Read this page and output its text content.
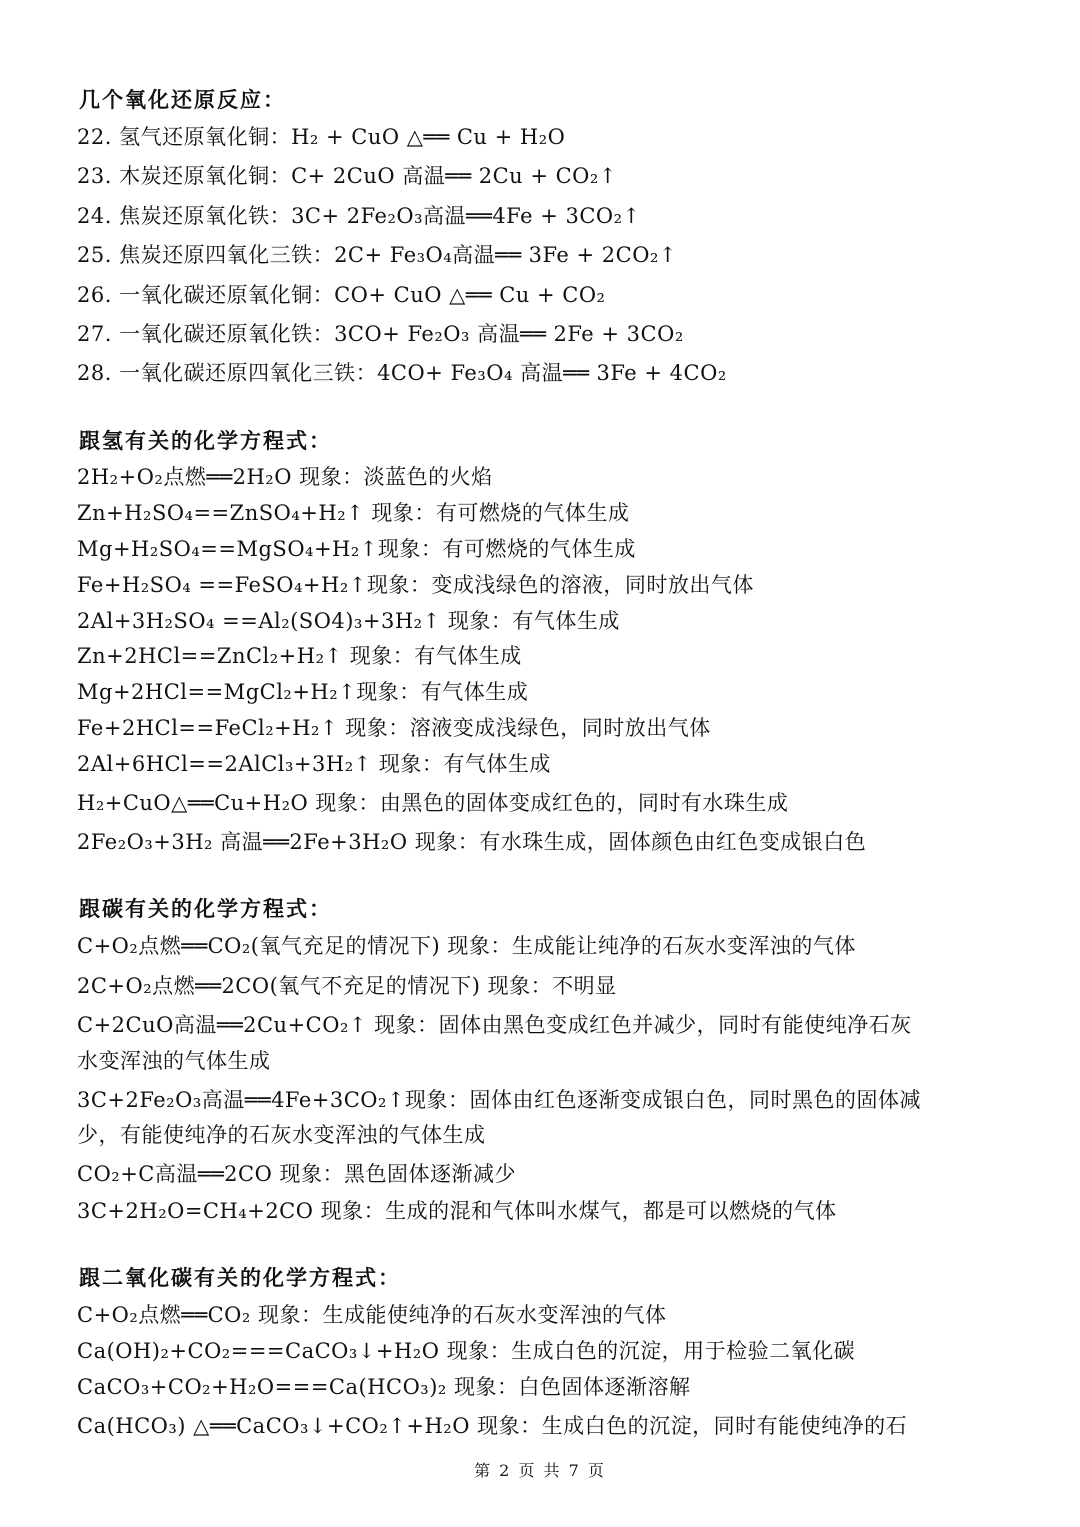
几个氧化还原反应：
22. 氢气还原氧化铜：H₂ + CuO △══ Cu + H₂O
23. 木炭还原氧化铜：C+ 2CuO 高温══ 2Cu + CO₂↑
24. 焦炭还原氧化铁：3C+ 2Fe₂O₃高温══4Fe + 3CO₂↑
25. 焦炭还原四氧化三铁：2C+ Fe₃O₄高温══ 3Fe + 2CO₂↑
26. 一氧化碳还原氧化铜：CO+ CuO △══ Cu + CO₂
27. 一氧化碳还原氧化铁：3CO+ Fe₂O₃ 高温══ 2Fe + 3CO₂
28. 一氧化碳还原四氧化三铁：4CO+ Fe₃O₄ 高温══ 3Fe + 4CO₂
跟氢有关的化学方程式：
2H₂+O₂点燃══2H₂O 现象：淡蓝色的火焰
Zn+H₂SO₄==ZnSO₄+H₂↑ 现象：有可燃烧的气体生成
Mg+H₂SO₄==MgSO₄+H₂↑现象：有可燃烧的气体生成
Fe+H₂SO₄ ==FeSO₄+H₂↑现象：变成浅绿色的溶液，同时放出气体
2Al+3H₂SO₄ ==Al₂(SO4)₃+3H₂↑ 现象：有气体生成
Zn+2HCl==ZnCl₂+H₂↑ 现象：有气体生成
Mg+2HCl==MgCl₂+H₂↑现象：有气体生成
Fe+2HCl==FeCl₂+H₂↑ 现象：溶液变成浅绿色，同时放出气体
2Al+6HCl==2AlCl₃+3H₂↑ 现象：有气体生成
H₂+CuO△══Cu+H₂O 现象：由黑色的固体变成红色的，同时有水珠生成
2Fe₂O₃+3H₂ 高温══2Fe+3H₂O 现象：有水珠生成，固体颜色由红色变成银白色
跟碳有关的化学方程式：
C+O₂点燃══CO₂(氧气充足的情况下) 现象：生成能让纯净的石灰水变浑浊的气体
2C+O₂点燃══2CO(氧气不充足的情况下) 现象：不明显
C+2CuO高温══2Cu+CO₂↑ 现象：固体由黑色变成红色并减少，同时有能使纯净石灰
水变浑浊的气体生成
3C+2Fe₂O₃高温══4Fe+3CO₂↑现象：固体由红色逐渐变成银白色，同时黑色的固体减
少，有能使纯净的石灰水变浑浊的气体生成
CO₂+C高温══2CO 现象：黑色固体逐渐减少
3C+2H₂O=CH₄+2CO 现象：生成的混和气体叫水煤气，都是可以燃烧的气体
跟二氧化碳有关的化学方程式：
C+O₂点燃══CO₂ 现象：生成能使纯净的石灰水变浑浊的气体
Ca(OH)₂+CO₂===CaCO₃↓+H₂O 现象：生成白色的沉淀，用于检验二氧化碳
CaCO₃+CO₂+H₂O===Ca(HCO₃)₂ 现象：白色固体逐渐溶解
Ca(HCO₃) △══CaCO₃↓+CO₂↑+H₂O 现象：生成白色的沉淀，同时有能使纯净的石
第 2 页 共 7 页
